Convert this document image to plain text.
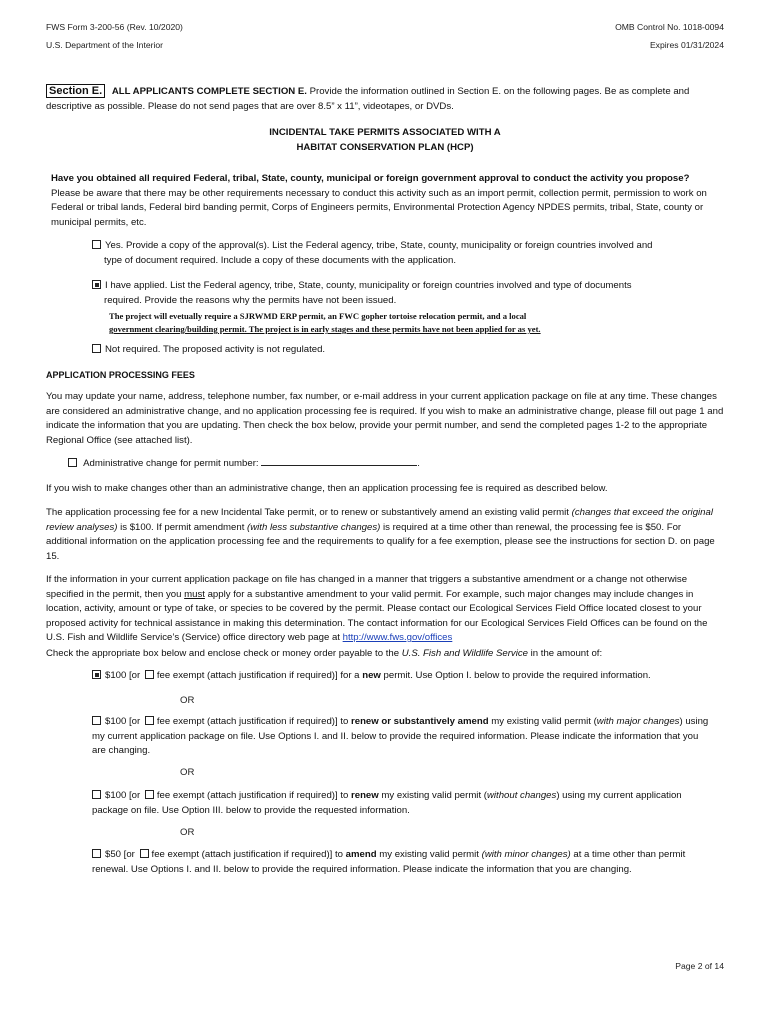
FWS Form 3-200-56 (Rev. 10/2020)
U.S. Department of the Interior
OMB Control No. 1018-0094
Expires 01/31/2024

Section E. ALL APPLICANTS COMPLETE SECTION E. Provide the information outlined in Section E. on the following pages. Be as complete and descriptive as possible. Please do not send pages that are over 8.5” x 11”, videotapes, or DVDs.

INCIDENTAL TAKE PERMITS ASSOCIATED WITH A
HABITAT CONSERVATION PLAN (HCP)

Have you obtained all required Federal, tribal, State, county, municipal or foreign government approval to conduct the activity you propose? Please be aware that there may be other requirements necessary to conduct this activity such as an import permit, collection permit, permission to work on Federal or tribal lands, Federal bird banding permit, Corps of Engineers permits, Environmental Protection Agency NPDES permits, tribal, State, county or municipal permits, etc.

Yes. Provide a copy of the approval(s). List the Federal agency, tribe, State, county, municipality or foreign countries involved and
type of document required. Include a copy of these documents with the application.
I have applied. List the Federal agency, tribe, State, county, municipality or foreign countries involved and type of documents
required. Provide the reasons why the permits have not been issued.
The project will evetually require a SJRWMD ERP permit, an FWC gopher tortoise relocation permit, and a local
government clearing/building permit. The project is in early stages and these permits have not been applied for as yet.
Not required. The proposed activity is not regulated.
APPLICATION PROCESSING FEES

You may update your name, address, telephone number, fax number, or e-mail address in your current application package on file at any time. These changes are considered an administrative change, and no application processing fee is required. If you wish to make an administrative change, please fill out page 1 and indicate the information that you are updating. Then check the box below, provide your permit number, and send the completed pages 1-2 to the appropriate Regional Office (see attached list).

Administrative change for permit number:	.

If you wish to make changes other than an administrative change, then an application processing fee is required as described below.

The application processing fee for a new Incidental Take permit, or to renew or substantively amend an existing valid permit (changes that exceed the original review analyses) is $100. If permit amendment (with less substantive changes) is required at a time other than renewal, the processing fee is $50. For additional information on the application processing fee and the requirements to qualify for a fee exemption, please see the instructions for section D. on page 15.

If the information in your current application package on file has changed in a manner that triggers a substantive amendment or a change not otherwise specified in the permit, then you must apply for a substantive amendment to your valid permit. For example, such major changes may include changes in location, activity, amount or type of take, or species to be covered by the permit. Please contact our Ecological Services Field Office located closest to your proposed activity for technical assistance in making this determination. The contact information for our Ecological Services Field Offices can be found on the U.S. Fish and Wildlife Service’s (Service) office directory web page at http://www.fws.gov/offices

Check the appropriate box below and enclose check or money order payable to the U.S. Fish and Wildlife Service in the amount of:

$100 [or fee exempt (attach justification if required)] for a new permit. Use Option I. below to provide the required information.
OR
$100 [or fee exempt (attach justification if required)] to renew or substantively amend my existing valid permit (with major changes) using my current application package on file. Use Options I. and II. below to provide the required information. Please indicate the information that you are changing.
OR
$100 [or fee exempt (attach justification if required)] to renew my existing valid permit (without changes) using my current application package on file. Use Option III. below to provide the requested information.
OR
$50 [or fee exempt (attach justification if required)] to amend my existing valid permit (with minor changes) at a time other than permit renewal. Use Options I. and II. below to provide the required information. Please indicate the information that you are changing.
Page 2 of 14
